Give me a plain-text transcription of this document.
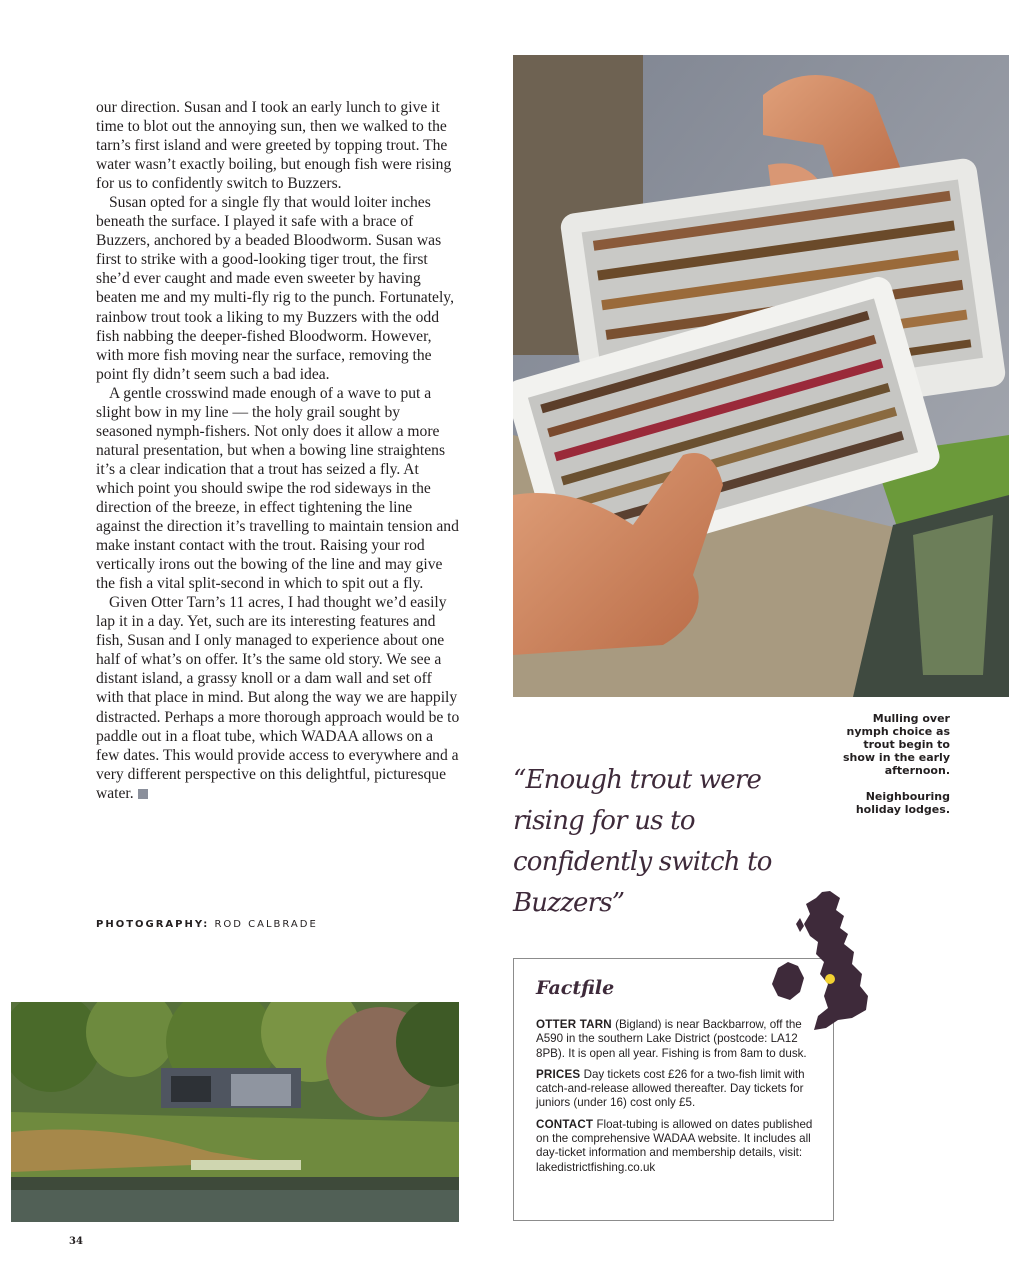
our direction. Susan and I took an early lunch to give it time to blot out the annoying sun, then we walked to the tarn’s first island and were greeted by topping trout. The water wasn’t exactly boiling, but enough fish were rising for us to confidently switch to Buzzers.

Susan opted for a single fly that would loiter inches beneath the surface. I played it safe with a brace of Buzzers, anchored by a beaded Bloodworm. Susan was first to strike with a good-looking tiger trout, the first she’d ever caught and made even sweeter by having beaten me and my multi-fly rig to the punch. Fortunately, rainbow trout took a liking to my Buzzers with the odd fish nabbing the deeper-fished Bloodworm. However, with more fish moving near the surface, removing the point fly didn’t seem such a bad idea.

A gentle crosswind made enough of a wave to put a slight bow in my line — the holy grail sought by seasoned nymph-fishers. Not only does it allow a more natural presentation, but when a bowing line straightens it’s a clear indication that a trout has seized a fly. At which point you should swipe the rod sideways in the direction of the breeze, in effect tightening the line against the direction it’s travelling to maintain tension and make instant contact with the trout. Raising your rod vertically irons out the bowing of the line and may give the fish a vital split-second in which to spit out a fly.

Given Otter Tarn’s 11 acres, I had thought we’d easily lap it in a day. Yet, such are its interesting features and fish, Susan and I only managed to experience about one half of what’s on offer. It’s the same old story. We see a distant island, a grassy knoll or a dam wall and set off with that place in mind. But along the way we are happily distracted. Perhaps a more thorough approach would be to paddle out in a float tube, which WADAA allows on a few dates. This would provide access to everywhere and a very different perspective on this delightful, picturesque water.

PHOTOGRAPHY: ROD CALBRADE

Mulling over nymph choice as trout begin to show in the early afternoon.

Neighbouring holiday lodges.

“Enough trout were rising for us to confidently switch to Buzzers”
Factfile

OTTER TARN (Bigland) is near Backbarrow, off the A590 in the southern Lake District (postcode: LA12 8PB). It is open all year. Fishing is from 8am to dusk.

PRICES Day tickets cost £26 for a two-fish limit with catch-and-release allowed thereafter. Day tickets for juniors (under 16) cost only £5.

CONTACT Float-tubing is allowed on dates published on the comprehensive WADAA website. It includes all day-ticket information and membership details, visit: lakedistrictfishing.co.uk

34
